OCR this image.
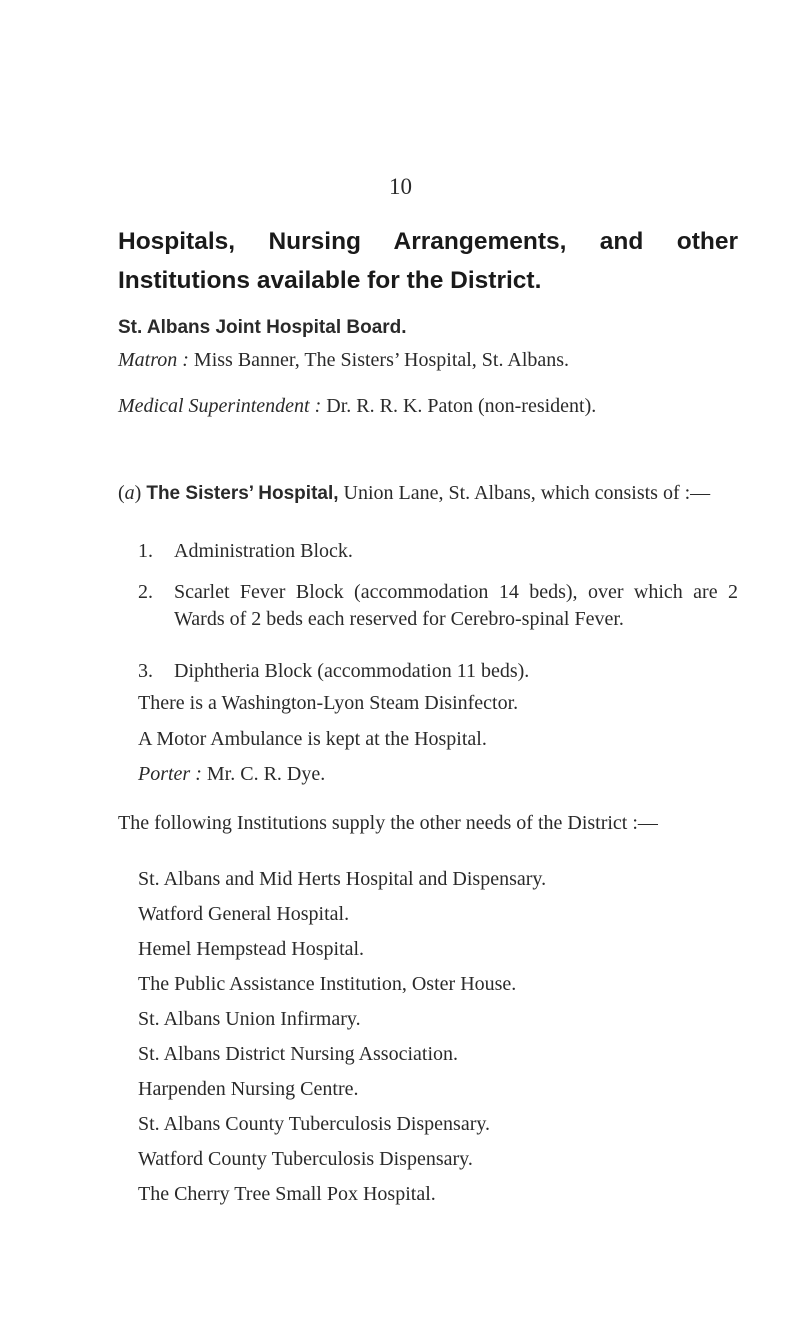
10
Hospitals, Nursing Arrangements, and other Institutions available for the District.
St. Albans Joint Hospital Board.
Matron : Miss Banner, The Sisters’ Hospital, St. Albans.

Medical Superintendent : Dr. R. R. K. Paton (non-resident).

(a) The Sisters’ Hospital, Union Lane, St. Albans, which consists of :—

1. Administration Block.
2. Scarlet Fever Block (accommodation 14 beds), over which are 2 Wards of 2 beds each reserved for Cerebro-spinal Fever.
3. Diphtheria Block (accommodation 11 beds).
There is a Washington-Lyon Steam Disinfector.
A Motor Ambulance is kept at the Hospital.
Porter : Mr. C. R. Dye.

The following Institutions supply the other needs of the District :—

St. Albans and Mid Herts Hospital and Dispensary.
Watford General Hospital.
Hemel Hempstead Hospital.
The Public Assistance Institution, Oster House.
St. Albans Union Infirmary.
St. Albans District Nursing Association.
Harpenden Nursing Centre.
St. Albans County Tuberculosis Dispensary.
Watford County Tuberculosis Dispensary.
The Cherry Tree Small Pox Hospital.
